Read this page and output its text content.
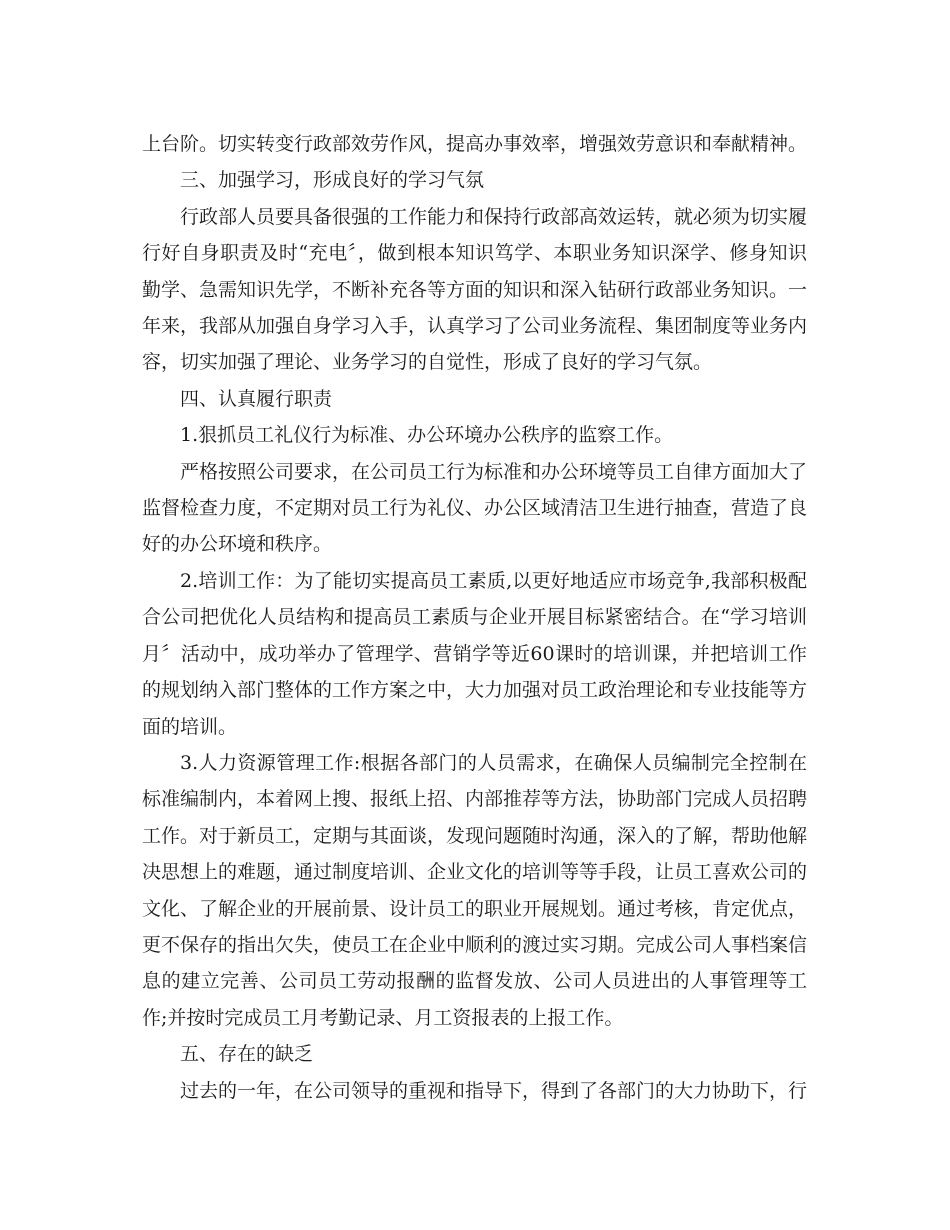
上台阶。切实转变行政部效劳作风，提高办事效率，增强效劳意识和奉献精神。

三、加强学习，形成良好的学习气氛

行政部人员要具备很强的工作能力和保持行政部高效运转，就必须为切实履行好自身职责及时“充电〞，做到根本知识笃学、本职业务知识深学、修身知识勤学、急需知识先学，不断补充各等方面的知识和深入钻研行政部业务知识。一年来，我部从加强自身学习入手，认真学习了公司业务流程、集团制度等业务内容，切实加强了理论、业务学习的自觉性，形成了良好的学习气氛。

四、认真履行职责

1.狠抓员工礼仪行为标准、办公环境办公秩序的监察工作。

严格按照公司要求，在公司员工行为标准和办公环境等员工自律方面加大了监督检查力度，不定期对员工行为礼仪、办公区域清洁卫生进行抽查，营造了良好的办公环境和秩序。

2.培训工作：为了能切实提高员工素质,以更好地适应市场竞争,我部积极配合公司把优化人员结构和提高员工素质与企业开展目标紧密结合。在“学习培训月〞活动中，成功举办了管理学、营销学等近60课时的培训课，并把培训工作的规划纳入部门整体的工作方案之中，大力加强对员工政治理论和专业技能等方面的培训。

3.人力资源管理工作:根据各部门的人员需求，在确保人员编制完全控制在标准编制内，本着网上搜、报纸上招、内部推荐等方法，协助部门完成人员招聘工作。对于新员工，定期与其面谈，发现问题随时沟通，深入的了解，帮助他解决思想上的难题，通过制度培训、企业文化的培训等等手段，让员工喜欢公司的文化、了解企业的开展前景、设计员工的职业开展规划。通过考核，肯定优点，更不保存的指出欠失，使员工在企业中顺利的渡过实习期。完成公司人事档案信息的建立完善、公司员工劳动报酬的监督发放、公司人员进出的人事管理等工作;并按时完成员工月考勤记录、月工资报表的上报工作。

五、存在的缺乏

过去的一年，在公司领导的重视和指导下，得到了各部门的大力协助下，行
